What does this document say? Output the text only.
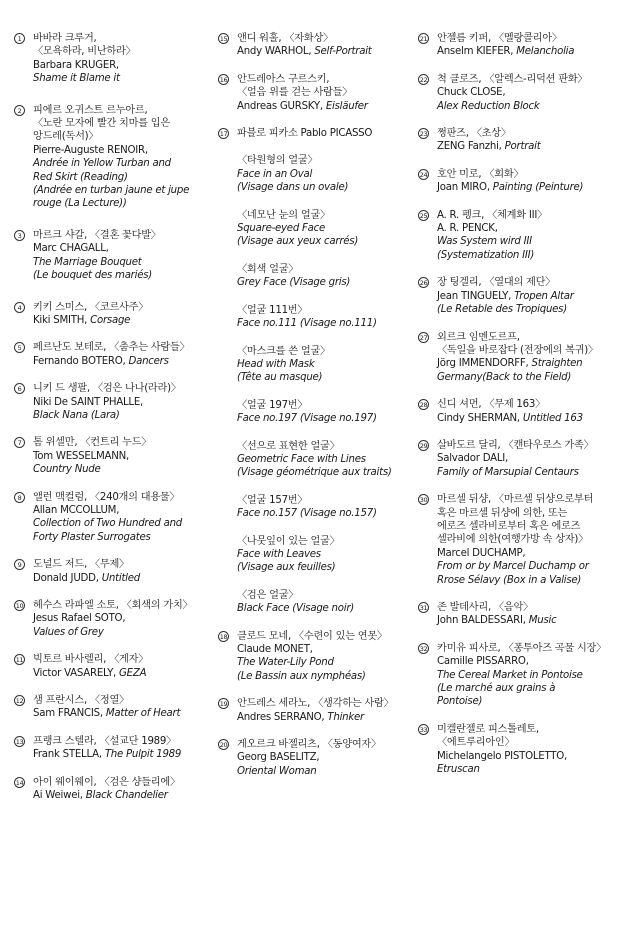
1	바바라 크루거,
〈모욕하라, 비난하라〉
Barbara KRUGER,
Shame it Blame it
2	피에르 오귀스트 르누아르,
〈노란 모자에 빨간 치마를 입은
앙드레(독서)〉
Pierre-Auguste RENOIR,
Andrée in Yellow Turban and
Red Skirt (Reading)
(Andrée en turban jaune et jupe
rouge (La Lecture))
3	마르크 샤갈, 〈결혼 꽃다발〉
Marc CHAGALL,
The Marriage Bouquet
(Le bouquet des mariés)
4	키키 스미스, 〈코르사주〉
Kiki SMITH, Corsage
5	페르난도 보테로, 〈춤추는 사람들〉
Fernando BOTERO, Dancers
6	니키 드 생팔, 〈검은 나나(라라)〉
Niki De SAINT PHALLE,
Black Nana (Lara)
7	톰 위셀만, 〈컨트리 누드〉
Tom WESSELMANN,
Country Nude
8	앨런 맥컬럼, 〈240개의 대용물〉
Allan MCCOLLUM,
Collection of Two Hundred and
Forty Plaster Surrogates
9	도널드 저드, 〈무제〉
Donald JUDD, Untitled
10 헤수스 라파엘 소토, 〈회색의 가치〉
Jesus Rafael SOTO,
Values of Grey
11 빅토르 바사렐리, 〈게자〉
Victor VASARELY, GEZA
12 샘 프란시스, 〈정열〉
Sam FRANCIS, Matter of Heart
13 프랭크 스텔라, 〈설교단 1989〉
Frank STELLA, The Pulpit 1989
14 아이 웨이웨이, 〈검은 샹들리에〉
Ai Weiwei, Black Chandelier
15 앤디 워홀, 〈자화상〉
Andy WARHOL, Self-Portrait
16 안드레아스 구르스키,
〈얼음 위를 걷는 사람들〉
Andreas GURSKY, Eisläufer
17 파블로 피카소 Pablo PICASSO
〈타원형의 얼굴〉
Face in an Oval
(Visage dans un ovale)
〈네모난 눈의 얼굴〉
Square-eyed Face
(Visage aux yeux carrés)
〈회색 얼굴〉
Grey Face (Visage gris)
〈얼굴 111번〉
Face no.111 (Visage no.111)
〈마스크를 쓴 얼굴〉
Head with Mask
(Tête au masque)
〈얼굴 197번〉
Face no.197 (Visage no.197)
〈선으로 표현한 얼굴〉
Geometric Face with Lines
(Visage géométrique aux traits)
〈얼굴 157번〉
Face no.157 (Visage no.157)
〈나뭇잎이 있는 얼굴〉
Face with Leaves
(Visage aux feuilles)
〈검은 얼굴〉
Black Face (Visage noir)
18 클로드 모네, 〈수련이 있는 연못〉
Claude MONET,
The Water-Lily Pond
(Le Bassin aux nymphéas)
19 안드레스 세라노, 〈생각하는 사람〉
Andres SERRANO, Thinker
20 게오르크 바젤리츠, 〈동양여자〉
Georg BASELITZ,
Oriental Woman
21 안젤름 키퍼, 〈멜랑콜리아〉
Anselm KIEFER, Melancholia
22 척 클로즈, 〈알렉스-리덕션 판화〉
Chuck CLOSE,
Alex Reduction Block
23 쩡판즈, 〈초상〉
ZENG Fanzhi, Portrait
24 호안 미로, 〈회화〉
Joan MIRO, Painting (Peinture)
25 A. R. 펭크, 〈체계화 III〉
A. R. PENCK,
Was System wird III
(Systematization III)
26 장 팅겔리, 〈열대의 제단〉
Jean TINGUELY, Tropen Altar
(Le Retable des Tropiques)
27 외르크 임멘도르프,
〈독일을 바로잡다 (전장에의 복귀)〉
Jörg IMMENDORFF, Straighten
Germany(Back to the Field)
28 신디 셔먼, 〈무제 163〉
Cindy SHERMAN, Untitled 163
29 살바도르 달리, 〈캔타우로스 가족〉
Salvador DALI,
Family of Marsupial Centaurs
30 마르셀 뒤샹, 〈마르셀 뒤샹으로부터
혹은 마르셀 뒤샹에 의한, 또는
에로즈 셀라비로부터 혹은 에로즈
셀라비에 의한(여행가방 속 상자)〉
Marcel DUCHAMP,
From or by Marcel Duchamp or
Rrose Sélavy (Box in a Valise)
31 존 발데사리, 〈음악〉
John BALDESSARI, Music
32 카미유 피사로, 〈퐁투아즈 곡물 시장〉
Camille PISSARRO,
The Cereal Market in Pontoise
(Le marché aux grains à
Pontoise)
33 미켈란젤로 피스톨레토,
〈에트루리아인〉
Michelangelo PISTOLETTO,
Etruscan
